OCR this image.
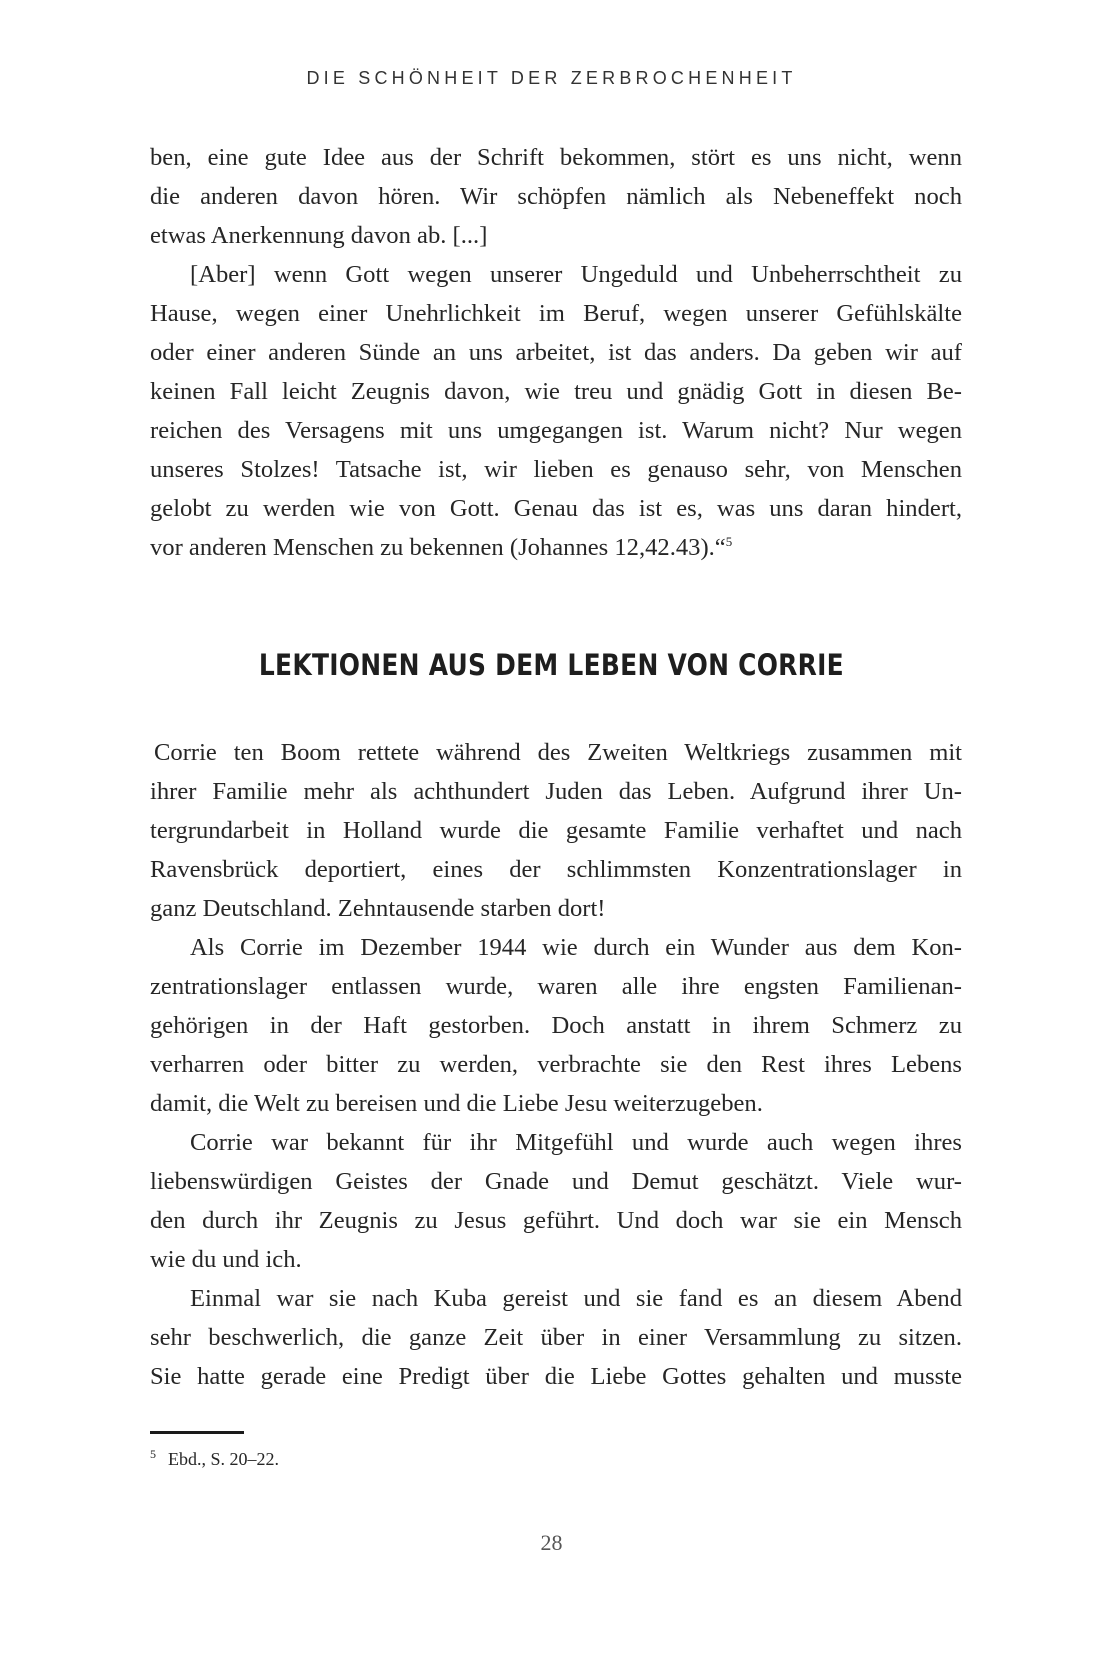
DIE SCHÖNHEIT DER ZERBROCHENHEIT
ben, eine gute Idee aus der Schrift bekommen, stört es uns nicht, wenn
die anderen davon hören. Wir schöpfen nämlich als Nebeneffekt noch
etwas Anerkennung davon ab. [...]
[Aber] wenn Gott wegen unserer Ungeduld und Unbeherrschtheit zu
Hause, wegen einer Unehrlichkeit im Beruf, wegen unserer Gefühlskälte
oder einer anderen Sünde an uns arbeitet, ist das anders. Da geben wir auf
keinen Fall leicht Zeugnis davon, wie treu und gnädig Gott in diesen Be-
reichen des Versagens mit uns umgegangen ist. Warum nicht? Nur wegen
unseres Stolzes! Tatsache ist, wir lieben es genauso sehr, von Menschen
gelobt zu werden wie von Gott. Genau das ist es, was uns daran hindert,
vor anderen Menschen zu bekennen (Johannes 12,42.43).“$^5$
LEKTIONEN AUS DEM LEBEN VON CORRIE
Corrie ten Boom rettete während des Zweiten Weltkriegs zusammen mit
ihrer Familie mehr als achthundert Juden das Leben. Aufgrund ihrer Un-
tergrundarbeit in Holland wurde die gesamte Familie verhaftet und nach
Ravensbrück deportiert, eines der schlimmsten Konzentrationslager in
ganz Deutschland. Zehntausende starben dort!
Als Corrie im Dezember 1944 wie durch ein Wunder aus dem Kon-
zentrationslager entlassen wurde, waren alle ihre engsten Familienan-
gehörigen in der Haft gestorben. Doch anstatt in ihrem Schmerz zu
verharren oder bitter zu werden, verbrachte sie den Rest ihres Lebens
damit, die Welt zu bereisen und die Liebe Jesu weiterzugeben.
Corrie war bekannt für ihr Mitgefühl und wurde auch wegen ihres
liebenswürdigen Geistes der Gnade und Demut geschätzt. Viele wur-
den durch ihr Zeugnis zu Jesus geführt. Und doch war sie ein Mensch
wie du und ich.
Einmal war sie nach Kuba gereist und sie fand es an diesem Abend
sehr beschwerlich, die ganze Zeit über in einer Versammlung zu sitzen.
Sie hatte gerade eine Predigt über die Liebe Gottes gehalten und musste
$^5$ Ebd., S. 20–22.
28
